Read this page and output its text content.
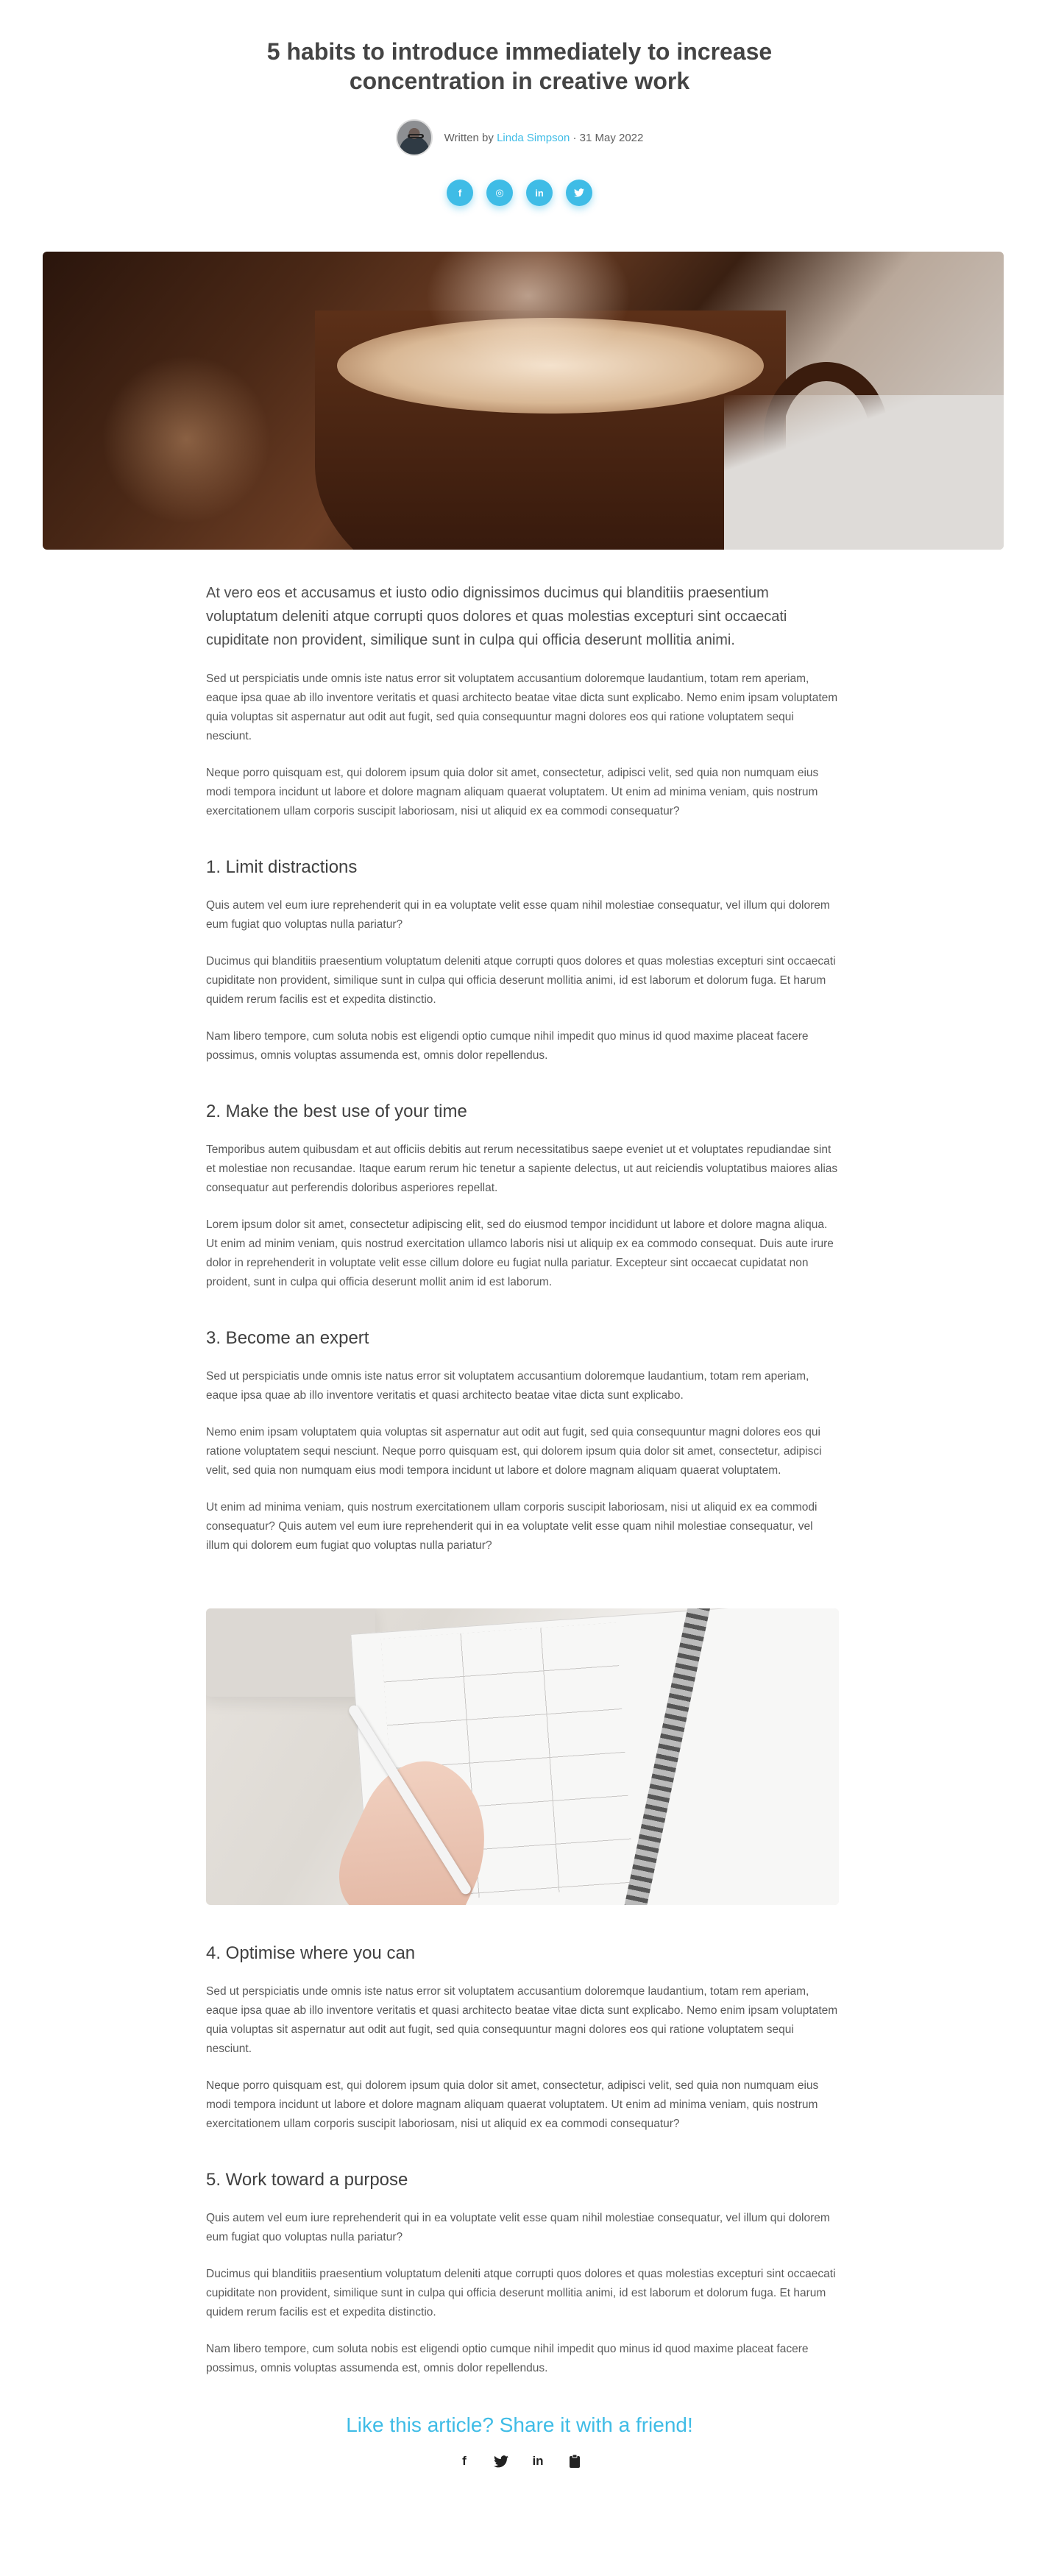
5 habits to introduce immediately to increase concentration in creative work
Written by Linda Simpson · 31 May 2022
f	◎	in

At vero eos et accusamus et iusto odio dignissimos ducimus qui blanditiis praesentium voluptatum deleniti atque corrupti quos dolores et quas molestias excepturi sint occaecati cupiditate non provident, similique sunt in culpa qui officia deserunt mollitia animi.

Sed ut perspiciatis unde omnis iste natus error sit voluptatem accusantium doloremque laudantium, totam rem aperiam, eaque ipsa quae ab illo inventore veritatis et quasi architecto beatae vitae dicta sunt explicabo. Nemo enim ipsam voluptatem quia voluptas sit aspernatur aut odit aut fugit, sed quia consequuntur magni dolores eos qui ratione voluptatem sequi nesciunt.

Neque porro quisquam est, qui dolorem ipsum quia dolor sit amet, consectetur, adipisci velit, sed quia non numquam eius modi tempora incidunt ut labore et dolore magnam aliquam quaerat voluptatem. Ut enim ad minima veniam, quis nostrum exercitationem ullam corporis suscipit laboriosam, nisi ut aliquid ex ea commodi consequatur?

1. Limit distractions

Quis autem vel eum iure reprehenderit qui in ea voluptate velit esse quam nihil molestiae consequatur, vel illum qui dolorem eum fugiat quo voluptas nulla pariatur?

Ducimus qui blanditiis praesentium voluptatum deleniti atque corrupti quos dolores et quas molestias excepturi sint occaecati cupiditate non provident, similique sunt in culpa qui officia deserunt mollitia animi, id est laborum et dolorum fuga. Et harum quidem rerum facilis est et expedita distinctio.

Nam libero tempore, cum soluta nobis est eligendi optio cumque nihil impedit quo minus id quod maxime placeat facere possimus, omnis voluptas assumenda est, omnis dolor repellendus.

2. Make the best use of your time

Temporibus autem quibusdam et aut officiis debitis aut rerum necessitatibus saepe eveniet ut et voluptates repudiandae sint et molestiae non recusandae. Itaque earum rerum hic tenetur a sapiente delectus, ut aut reiciendis voluptatibus maiores alias consequatur aut perferendis doloribus asperiores repellat.

Lorem ipsum dolor sit amet, consectetur adipiscing elit, sed do eiusmod tempor incididunt ut labore et dolore magna aliqua. Ut enim ad minim veniam, quis nostrud exercitation ullamco laboris nisi ut aliquip ex ea commodo consequat. Duis aute irure dolor in reprehenderit in voluptate velit esse cillum dolore eu fugiat nulla pariatur. Excepteur sint occaecat cupidatat non proident, sunt in culpa qui officia deserunt mollit anim id est laborum.

3. Become an expert

Sed ut perspiciatis unde omnis iste natus error sit voluptatem accusantium doloremque laudantium, totam rem aperiam, eaque ipsa quae ab illo inventore veritatis et quasi architecto beatae vitae dicta sunt explicabo.

Nemo enim ipsam voluptatem quia voluptas sit aspernatur aut odit aut fugit, sed quia consequuntur magni dolores eos qui ratione voluptatem sequi nesciunt. Neque porro quisquam est, qui dolorem ipsum quia dolor sit amet, consectetur, adipisci velit, sed quia non numquam eius modi tempora incidunt ut labore et dolore magnam aliquam quaerat voluptatem.

Ut enim ad minima veniam, quis nostrum exercitationem ullam corporis suscipit laboriosam, nisi ut aliquid ex ea commodi consequatur? Quis autem vel eum iure reprehenderit qui in ea voluptate velit esse quam nihil molestiae consequatur, vel illum qui dolorem eum fugiat quo voluptas nulla pariatur?

4. Optimise where you can

Sed ut perspiciatis unde omnis iste natus error sit voluptatem accusantium doloremque laudantium, totam rem aperiam, eaque ipsa quae ab illo inventore veritatis et quasi architecto beatae vitae dicta sunt explicabo. Nemo enim ipsam voluptatem quia voluptas sit aspernatur aut odit aut fugit, sed quia consequuntur magni dolores eos qui ratione voluptatem sequi nesciunt.

Neque porro quisquam est, qui dolorem ipsum quia dolor sit amet, consectetur, adipisci velit, sed quia non numquam eius modi tempora incidunt ut labore et dolore magnam aliquam quaerat voluptatem. Ut enim ad minima veniam, quis nostrum exercitationem ullam corporis suscipit laboriosam, nisi ut aliquid ex ea commodi consequatur?

5. Work toward a purpose

Quis autem vel eum iure reprehenderit qui in ea voluptate velit esse quam nihil molestiae consequatur, vel illum qui dolorem eum fugiat quo voluptas nulla pariatur?

Ducimus qui blanditiis praesentium voluptatum deleniti atque corrupti quos dolores et quas molestias excepturi sint occaecati cupiditate non provident, similique sunt in culpa qui officia deserunt mollitia animi, id est laborum et dolorum fuga. Et harum quidem rerum facilis est et expedita distinctio.

Nam libero tempore, cum soluta nobis est eligendi optio cumque nihil impedit quo minus id quod maxime placeat facere possimus, omnis voluptas assumenda est, omnis dolor repellendus.

Like this article? Share it with a friend!
f	in
